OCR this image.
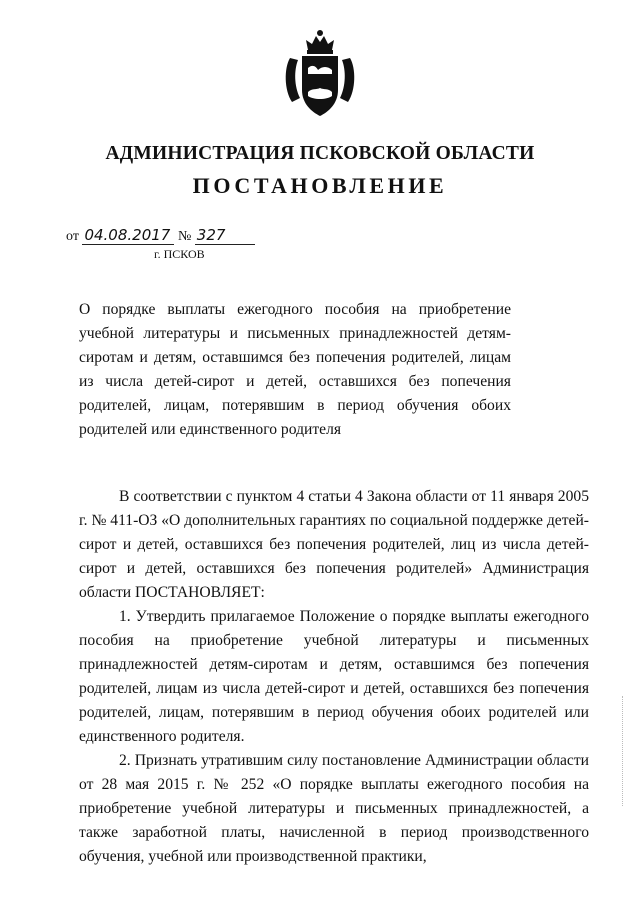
АДМИНИСТРАЦИЯ ПСКОВСКОЙ ОБЛАСТИ
ПОСТАНОВЛЕНИЕ
от 04.08.2017 № 327
г. ПСКОВ
О порядке выплаты ежегодного пособия на приобретение учебной литературы и письменных принадлежностей детям-сиротам и детям, оставшимся без попечения родителей, лицам из числа детей-сирот и детей, оставшихся без попечения родителей, лицам, потерявшим в период обучения обоих родителей или единственного родителя

В соответствии с пунктом 4 статьи 4 Закона области от 11 января 2005 г. № 411-ОЗ «О дополнительных гарантиях по социальной поддержке детей-сирот и детей, оставшихся без попечения родителей, лиц из числа детей-сирот и детей, оставшихся без попечения родителей» Администрация области ПОСТАНОВЛЯЕТ:

1. Утвердить прилагаемое Положение о порядке выплаты ежегодного пособия на приобретение учебной литературы и письменных принадлежностей детям-сиротам и детям, оставшимся без попечения родителей, лицам из числа детей-сирот и детей, оставшихся без попечения родителей, лицам, потерявшим в период обучения обоих родителей или единственного родителя.

2. Признать утратившим силу постановление Администрации области от 28 мая 2015 г. № 252 «О порядке выплаты ежегодного пособия на приобретение учебной литературы и письменных принадлежностей, а также заработной платы, начисленной в период производственного обучения, учебной или производственной практики,
